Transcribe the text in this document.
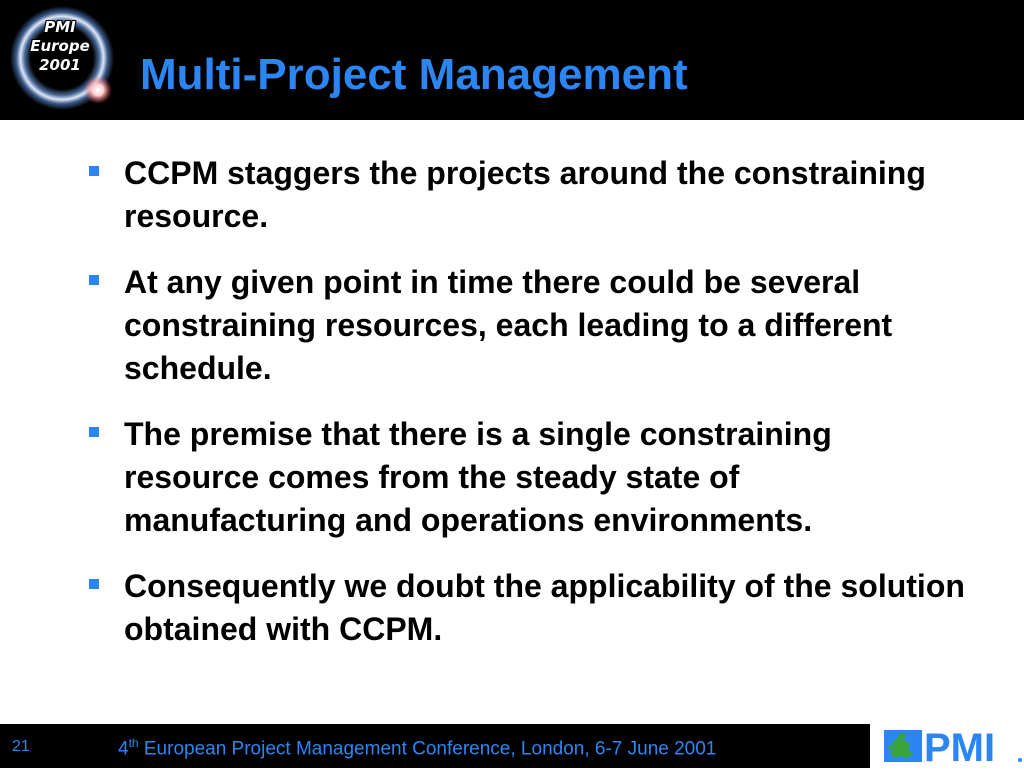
PMI
Europe
2001	Multi-Project Management
CCPM staggers the projects around the constraining resource.
At any given point in time there could be several constraining resources, each leading to a different schedule.
The premise that there is a single constraining resource comes from the steady state of manufacturing and operations environments.
Consequently we doubt the applicability of the solution obtained with CCPM.
21	4th European Project Management Conference, London, 6-7 June 2001	PMI
